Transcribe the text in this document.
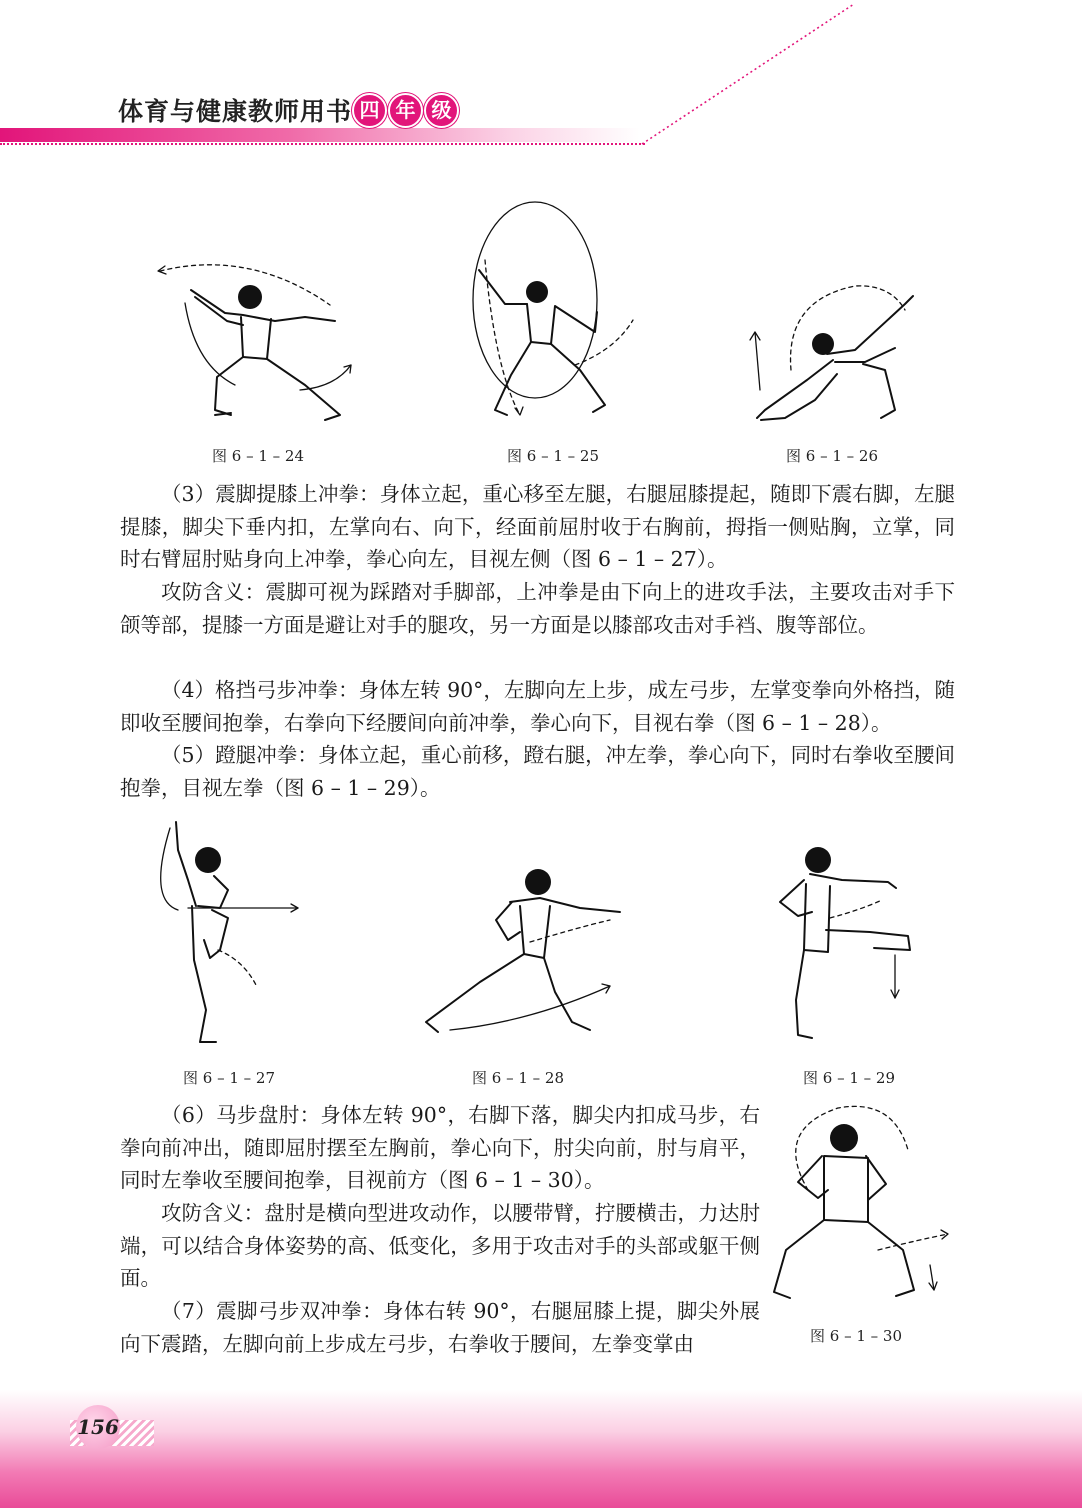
体育与健康教师用书 四 年 级
图 6 – 1 – 24	图 6 – 1 – 25	图 6 – 1 – 26
（3）震脚提膝上冲拳：身体立起，重心移至左腿，右腿屈膝提起，随即下震右脚，左腿提膝，脚尖下垂内扣，左掌向右、向下，经面前屈肘收于右胸前，拇指一侧贴胸，立掌，同时右臂屈肘贴身向上冲拳，拳心向左，目视左侧（图 6 – 1 – 27）。
攻防含义：震脚可视为踩踏对手脚部，上冲拳是由下向上的进攻手法，主要攻击对手下颌等部，提膝一方面是避让对手的腿攻，另一方面是以膝部攻击对手裆、腹等部位。
（4）格挡弓步冲拳：身体左转 90°，左脚向左上步，成左弓步，左掌变拳向外格挡，随即收至腰间抱拳，右拳向下经腰间向前冲拳，拳心向下，目视右拳（图 6 – 1 – 28）。
（5）蹬腿冲拳：身体立起，重心前移，蹬右腿，冲左拳，拳心向下，同时右拳收至腰间抱拳，目视左拳（图 6 – 1 – 29）。
图 6 – 1 – 27	图 6 – 1 – 28	图 6 – 1 – 29
（6）马步盘肘：身体左转 90°，右脚下落，脚尖内扣成马步，右拳向前冲出，随即屈肘摆至左胸前，拳心向下，肘尖向前，肘与肩平，同时左拳收至腰间抱拳，目视前方（图 6 – 1 – 30）。
攻防含义：盘肘是横向型进攻动作，以腰带臂，拧腰横击，力达肘端，可以结合身体姿势的高、低变化，多用于攻击对手的头部或躯干侧面。
（7）震脚弓步双冲拳：身体右转 90°，右腿屈膝上提，脚尖外展向下震踏，左脚向前上步成左弓步，右拳收于腰间，左拳变掌由	图 6 – 1 – 30
156
